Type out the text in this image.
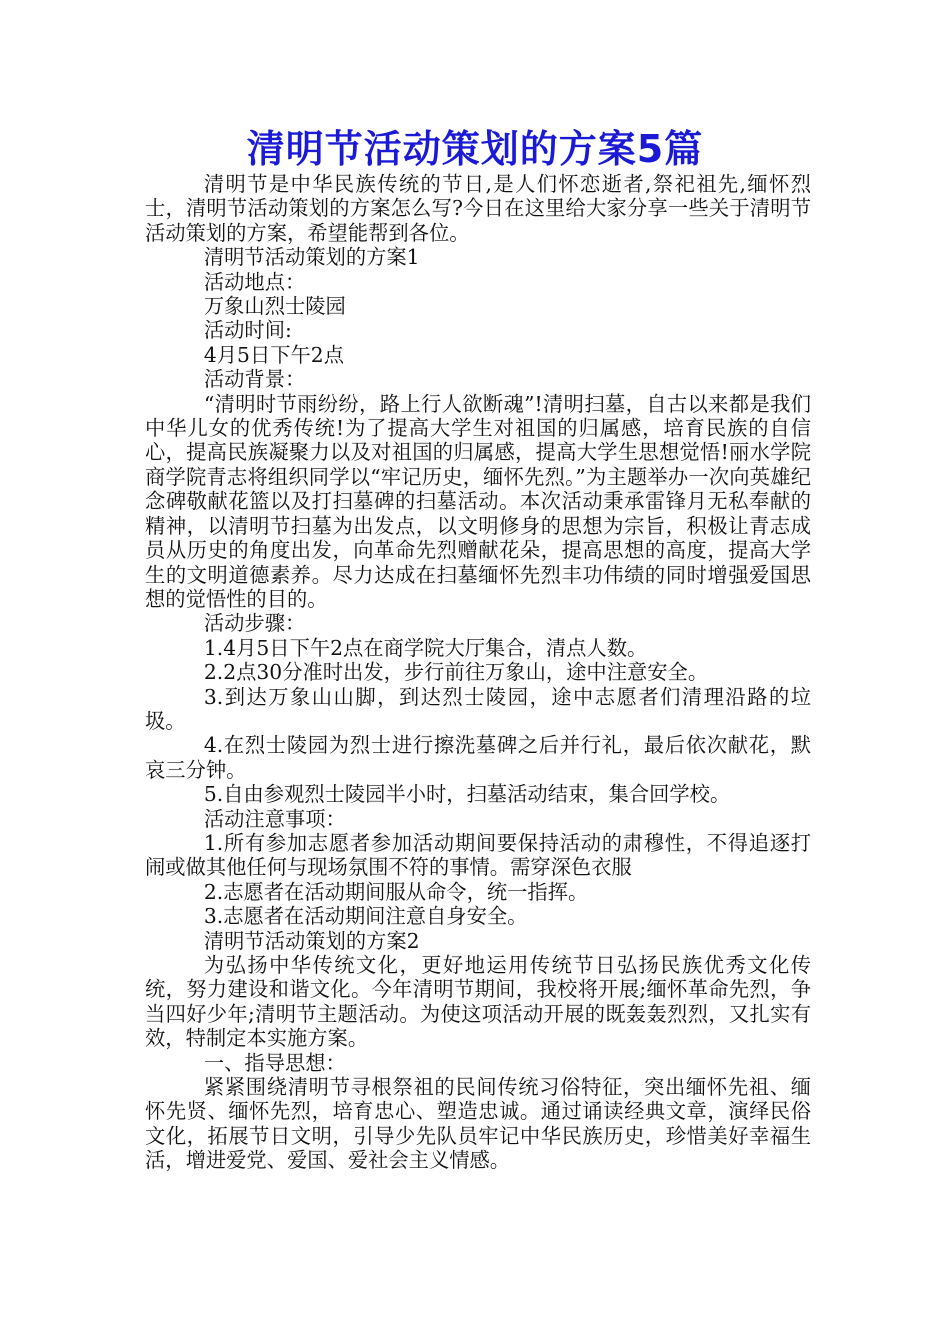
清明节活动策划的方案5篇

清明节是中华民族传统的节日,是人们怀恋逝者,祭祀祖先,缅怀烈士，清明节活动策划的方案怎么写?今日在这里给大家分享一些关于清明节活动策划的方案，希望能帮到各位。

清明节活动策划的方案1

活动地点：

万象山烈士陵园

活动时间:

4月5日下午2点

活动背景：

“清明时节雨纷纷，路上行人欲断魂”!清明扫墓，自古以来都是我们中华儿女的优秀传统!为了提高大学生对祖国的归属感，培育民族的自信心，提高民族凝聚力以及对祖国的归属感，提高大学生思想觉悟!丽水学院商学院青志将组织同学以“牢记历史，缅怀先烈。”为主题举办一次向英雄纪念碑敬献花篮以及打扫墓碑的扫墓活动。本次活动秉承雷锋月无私奉献的精神，以清明节扫墓为出发点，以文明修身的思想为宗旨，积极让青志成员从历史的角度出发，向革命先烈赠献花朵，提高思想的高度，提高大学生的文明道德素养。尽力达成在扫墓缅怀先烈丰功伟绩的同时增强爱国思想的觉悟性的目的。

活动步骤：

1.4月5日下午2点在商学院大厅集合，清点人数。

2.2点30分准时出发，步行前往万象山，途中注意安全。

3.到达万象山山脚，到达烈士陵园，途中志愿者们清理沿路的垃圾。

4.在烈士陵园为烈士进行擦洗墓碑之后并行礼，最后依次献花，默哀三分钟。

5.自由参观烈士陵园半小时，扫墓活动结束，集合回学校。

活动注意事项：

1.所有参加志愿者参加活动期间要保持活动的肃穆性，不得追逐打闹或做其他任何与现场氛围不符的事情。需穿深色衣服

2.志愿者在活动期间服从命令，统一指挥。

3.志愿者在活动期间注意自身安全。

清明节活动策划的方案2

为弘扬中华传统文化，更好地运用传统节日弘扬民族优秀文化传统，努力建设和谐文化。今年清明节期间，我校将开展;缅怀革命先烈，争当四好少年;清明节主题活动。为使这项活动开展的既轰轰烈烈，又扎实有效，特制定本实施方案。

一、指导思想：

紧紧围绕清明节寻根祭祖的民间传统习俗特征，突出缅怀先祖、缅怀先贤、缅怀先烈，培育忠心、塑造忠诚。通过诵读经典文章，演绎民俗文化，拓展节日文明，引导少先队员牢记中华民族历史，珍惜美好幸福生活，增进爱党、爱国、爱社会主义情感。
